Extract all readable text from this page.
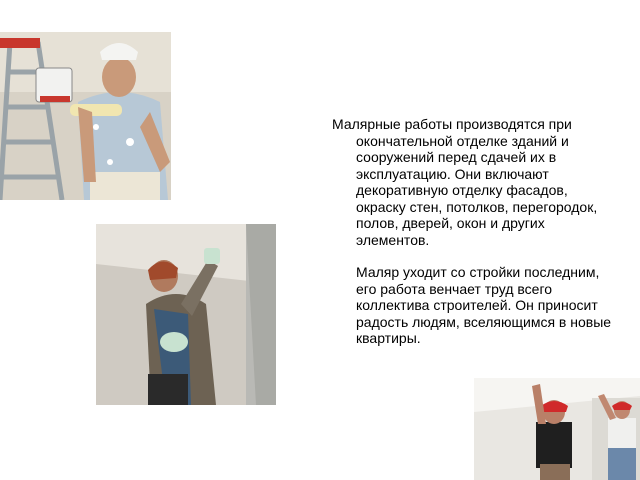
Малярные работы производятся при окончательной отделке зданий и сооружений перед сдачей их в эксплуатацию. Они включают декоративную отделку фасадов, окраску стен, потолков, перегородок, полов, дверей, окон и других элементов.

Маляр уходит со стройки последним, его работа венчает труд всего коллектива строителей. Он приносит радость людям, вселяющимся в новые квартиры.
